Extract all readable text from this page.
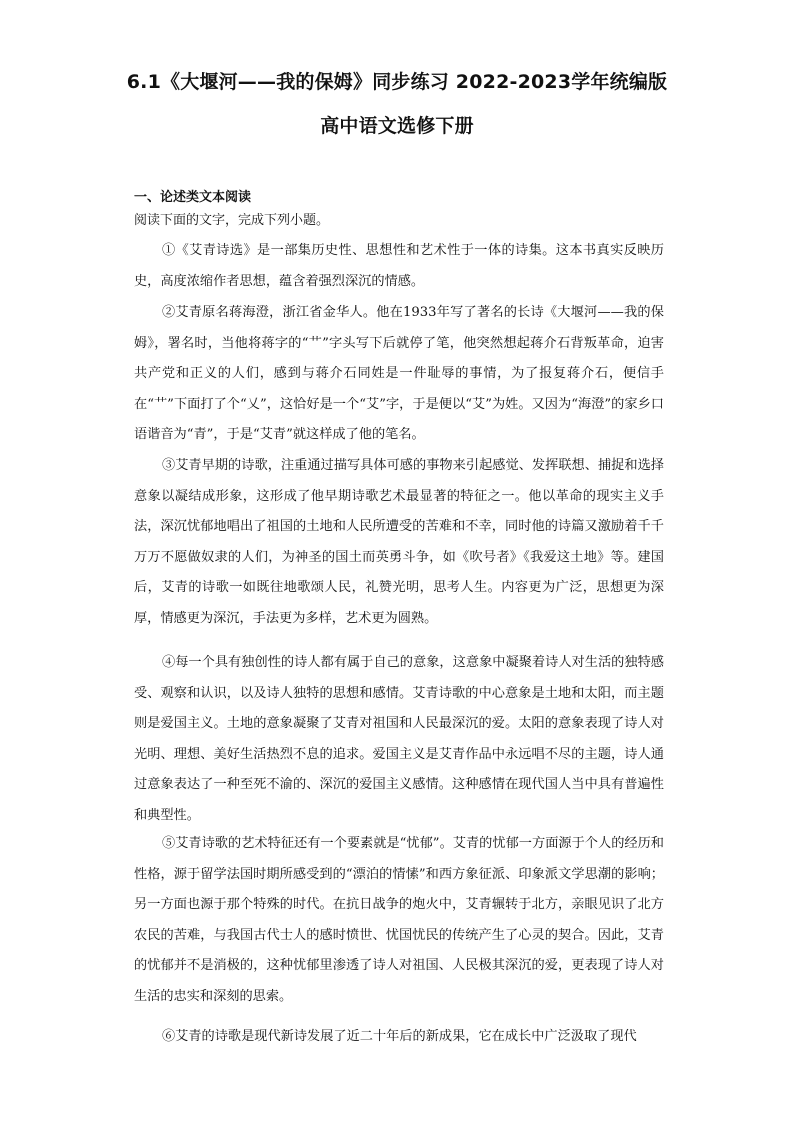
6.1《大堰河——我的保姆》同步练习 2022-2023学年统编版
高中语文选修下册
一、论述类文本阅读
阅读下面的文字，完成下列小题。

①《艾青诗选》是一部集历史性、思想性和艺术性于一体的诗集。这本书真实反映历史，高度浓缩作者思想，蕴含着强烈深沉的情感。

②艾青原名蒋海澄，浙江省金华人。他在1933年写了著名的长诗《大堰河——我的保姆》，署名时，当他将蒋字的“艹”字头写下后就停了笔，他突然想起蒋介石背叛革命，迫害共产党和正义的人们，感到与蒋介石同姓是一件耻辱的事情，为了报复蒋介石，便信手在“艹”下面打了个“乂”，这恰好是一个“艾”字，于是便以“艾”为姓。又因为“海澄”的家乡口语谐音为“青”，于是“艾青”就这样成了他的笔名。

③艾青早期的诗歌，注重通过描写具体可感的事物来引起感觉、发挥联想、捕捉和选择意象以凝结成形象，这形成了他早期诗歌艺术最显著的特征之一。他以革命的现实主义手法，深沉忧郁地唱出了祖国的土地和人民所遭受的苦难和不幸，同时他的诗篇又激励着千千万万不愿做奴隶的人们，为神圣的国土而英勇斗争，如《吹号者》《我爱这土地》等。建国后，艾青的诗歌一如既往地歌颂人民，礼赞光明，思考人生。内容更为广泛，思想更为深厚，情感更为深沉，手法更为多样，艺术更为圆熟。

④每一个具有独创性的诗人都有属于自己的意象，这意象中凝聚着诗人对生活的独特感受、观察和认识，以及诗人独特的思想和感情。艾青诗歌的中心意象是土地和太阳，而主题则是爱国主义。土地的意象凝聚了艾青对祖国和人民最深沉的爱。太阳的意象表现了诗人对光明、理想、美好生活热烈不息的追求。爱国主义是艾青作品中永远唱不尽的主题，诗人通过意象表达了一种至死不渝的、深沉的爱国主义感情。这种感情在现代国人当中具有普遍性和典型性。

⑤艾青诗歌的艺术特征还有一个要素就是“忧郁”。艾青的忧郁一方面源于个人的经历和性格，源于留学法国时期所感受到的“漂泊的情愫”和西方象征派、印象派文学思潮的影响；另一方面也源于那个特殊的时代。在抗日战争的炮火中，艾青辗转于北方，亲眼见识了北方农民的苦难，与我国古代士人的感时愤世、忧国忧民的传统产生了心灵的契合。因此，艾青的忧郁并不是消极的，这种忧郁里渗透了诗人对祖国、人民极其深沉的爱，更表现了诗人对生活的忠实和深刻的思索。

⑥艾青的诗歌是现代新诗发展了近二十年后的新成果，它在成长中广泛汲取了现代
